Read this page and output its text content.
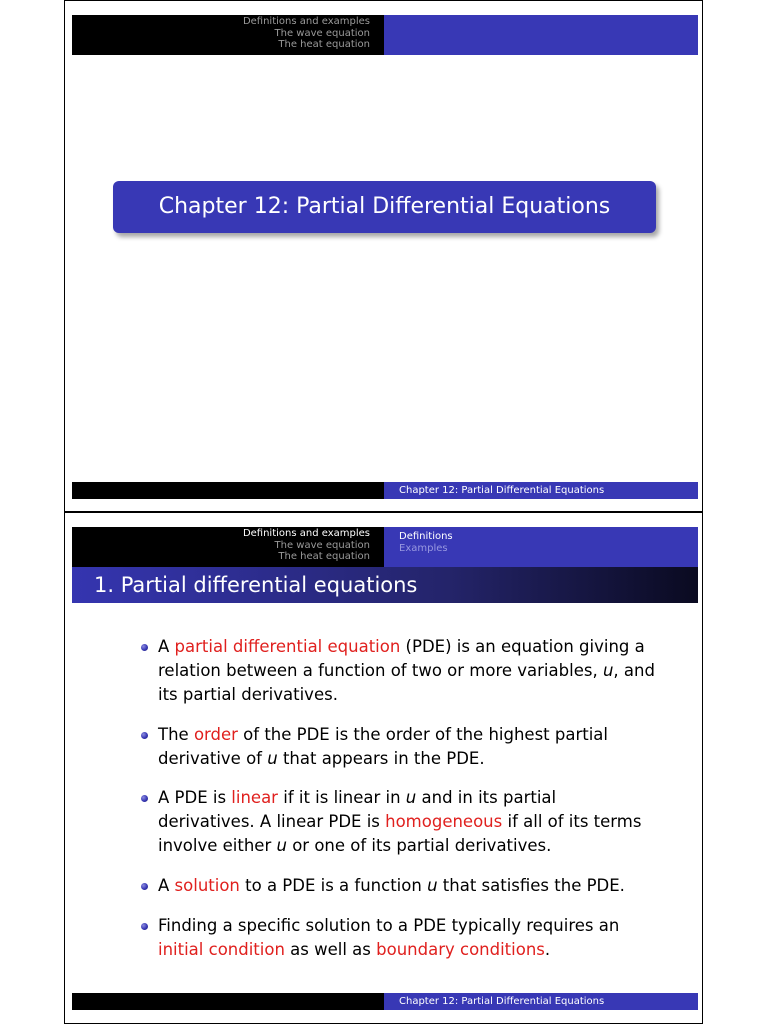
Definitions and examples
The wave equation
The heat equation
Chapter 12: Partial Differential Equations
Chapter 12: Partial Differential Equations
Definitions and examples
The wave equation
The heat equation
Definitions
Examples
1. Partial differential equations
A partial differential equation (PDE) is an equation giving a relation between a function of two or more variables, u, and its partial derivatives.
The order of the PDE is the order of the highest partial derivative of u that appears in the PDE.
A PDE is linear if it is linear in u and in its partial derivatives. A linear PDE is homogeneous if all of its terms involve either u or one of its partial derivatives.
A solution to a PDE is a function u that satisfies the PDE.
Finding a specific solution to a PDE typically requires an initial condition as well as boundary conditions.
Chapter 12: Partial Differential Equations
